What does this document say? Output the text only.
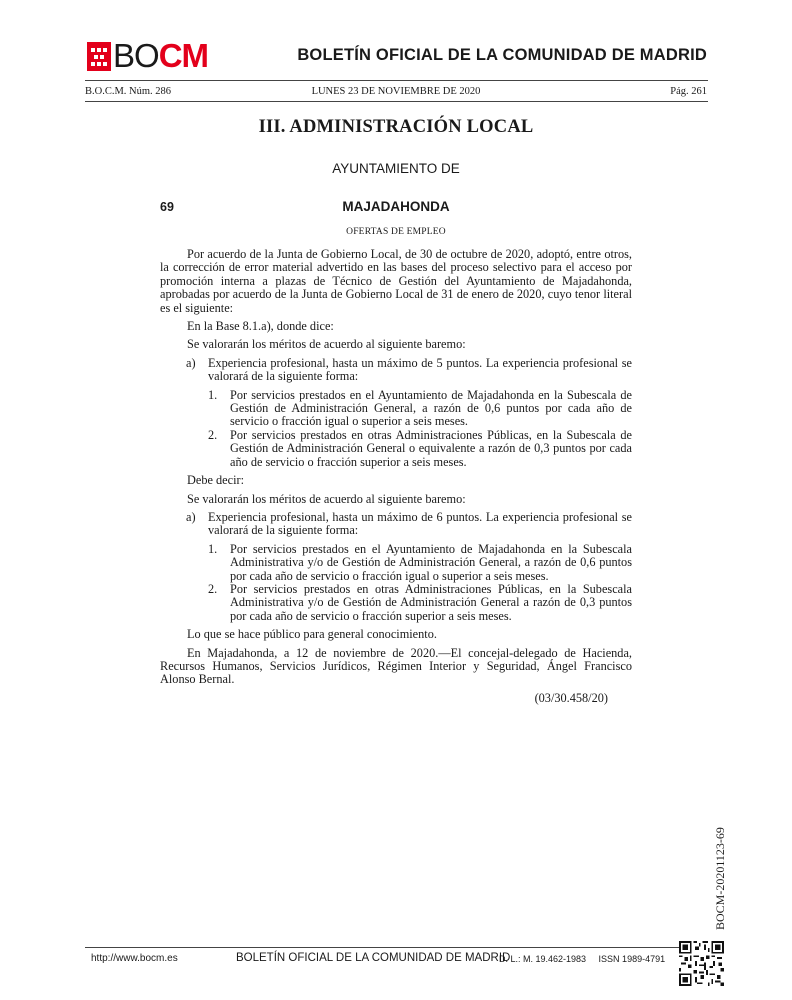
BOCM	BOLETÍN OFICIAL DE LA COMUNIDAD DE MADRID
B.O.C.M. Núm. 286	LUNES 23 DE NOVIEMBRE DE 2020	Pág. 261
III. ADMINISTRACIÓN LOCAL
AYUNTAMIENTO DE
69	MAJADAHONDA
OFERTAS DE EMPLEO

Por acuerdo de la Junta de Gobierno Local, de 30 de octubre de 2020, adoptó, entre otros, la corrección de error material advertido en las bases del proceso selectivo para el acceso por promoción interna a plazas de Técnico de Gestión del Ayuntamiento de Majadahonda, aprobadas por acuerdo de la Junta de Gobierno Local de 31 de enero de 2020, cuyo tenor literal es el siguiente:

En la Base 8.1.a), donde dice:

Se valorarán los méritos de acuerdo al siguiente baremo:

a)	Experiencia profesional, hasta un máximo de 5 puntos. La experiencia profesional se valorará de la siguiente forma:
1.	Por servicios prestados en el Ayuntamiento de Majadahonda en la Subescala de Gestión de Administración General, a razón de 0,6 puntos por cada año de servicio o fracción igual o superior a seis meses.
2.	Por servicios prestados en otras Administraciones Públicas, en la Subescala de Gestión de Administración General o equivalente a razón de 0,3 puntos por cada año de servicio o fracción superior a seis meses.

Debe decir:

Se valorarán los méritos de acuerdo al siguiente baremo:

a)	Experiencia profesional, hasta un máximo de 6 puntos. La experiencia profesional se valorará de la siguiente forma:
1.	Por servicios prestados en el Ayuntamiento de Majadahonda en la Subescala Administrativa y/o de Gestión de Administración General, a razón de 0,6 puntos por cada año de servicio o fracción igual o superior a seis meses.
2.	Por servicios prestados en otras Administraciones Públicas, en la Subescala Administrativa y/o de Gestión de Administración General a razón de 0,3 puntos por cada año de servicio o fracción superior a seis meses.

Lo que se hace público para general conocimiento.

En Majadahonda, a 12 de noviembre de 2020.—El concejal-delegado de Hacienda, Recursos Humanos, Servicios Jurídicos, Régimen Interior y Seguridad, Ángel Francisco Alonso Bernal.

(03/30.458/20)

BOCM-20201123-69
http://www.bocm.es	BOLETÍN OFICIAL DE LA COMUNIDAD DE MADRID
D. L.: M. 19.462-1983     ISSN 1989-4791
